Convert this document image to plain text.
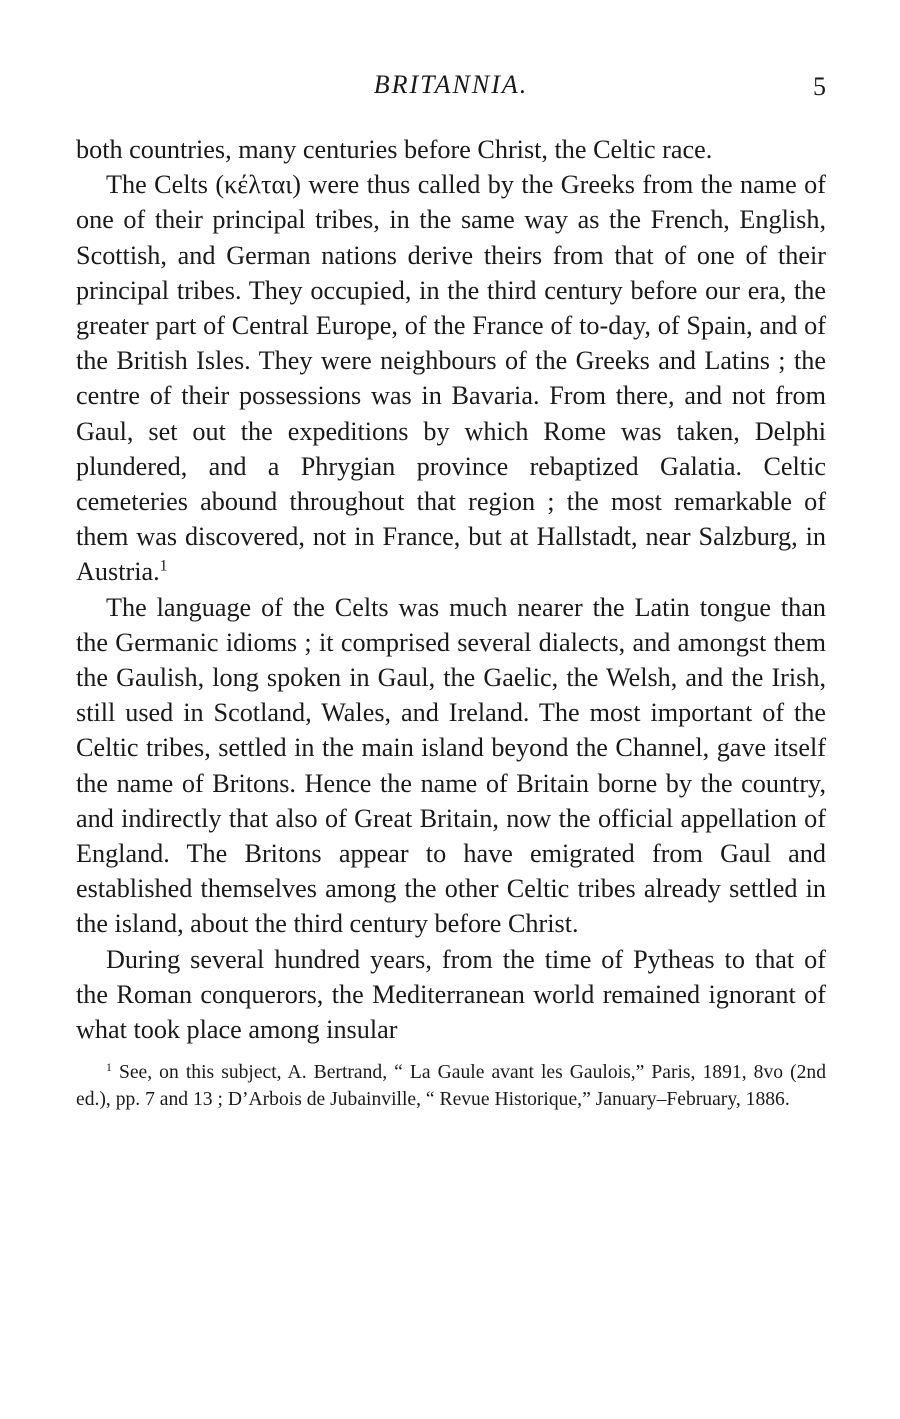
BRITANNIA.	5

both countries, many centuries before Christ, the Celtic race.

The Celts (κέλται) were thus called by the Greeks from the name of one of their principal tribes, in the same way as the French, English, Scottish, and German nations derive theirs from that of one of their principal tribes. They occupied, in the third century before our era, the greater part of Central Europe, of the France of to-day, of Spain, and of the British Isles. They were neighbours of the Greeks and Latins ; the centre of their possessions was in Bavaria. From there, and not from Gaul, set out the expeditions by which Rome was taken, Delphi plundered, and a Phrygian province rebaptized Galatia. Celtic cemeteries abound throughout that region ; the most remarkable of them was discovered, not in France, but at Hallstadt, near Salzburg, in Austria.$^1$

The language of the Celts was much nearer the Latin tongue than the Germanic idioms ; it comprised several dialects, and amongst them the Gaulish, long spoken in Gaul, the Gaelic, the Welsh, and the Irish, still used in Scotland, Wales, and Ireland. The most important of the Celtic tribes, settled in the main island beyond the Channel, gave itself the name of Britons. Hence the name of Britain borne by the country, and indirectly that also of Great Britain, now the official appellation of England. The Britons appear to have emigrated from Gaul and established themselves among the other Celtic tribes already settled in the island, about the third century before Christ.

During several hundred years, from the time of Pytheas to that of the Roman conquerors, the Mediterranean world remained ignorant of what took place among insular

$^1$ See, on this subject, A. Bertrand, “ La Gaule avant les Gaulois,” Paris, 1891, 8vo (2nd ed.), pp. 7 and 13 ; D’Arbois de Jubainville, “ Revue Historique,” January–February, 1886.
